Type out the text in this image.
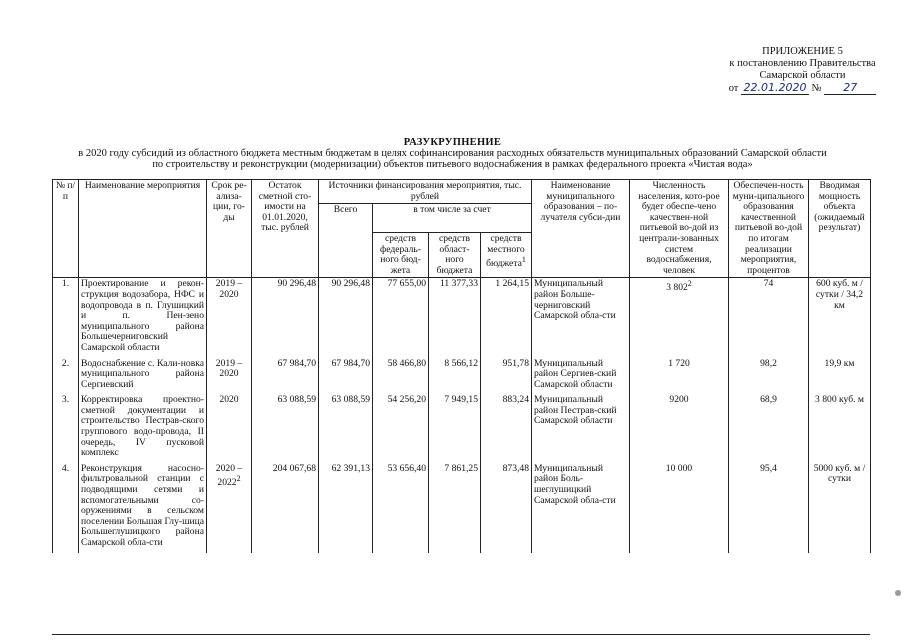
ПРИЛОЖЕНИЕ 5
к постановлению Правительства
Самарской области
от 22.01.2020 № 27
РАЗУКРУПНЕНИЕ
в 2020 году субсидий из областного бюджета местным бюджетам в целях софинансирования расходных обязательств муниципальных образований Самарской области
по строительству и реконструкции (модернизации) объектов питьевого водоснабжения в рамках федерального проекта «Чистая вода»
№ п/п	Наименование мероприятия	Срок ре-ализа-ции, го-ды	Остаток сметной сто-имости на 01.01.2020, тыс. рублей	Источники финансирования мероприятия, тыс. рублей				Наименование муниципального образования – по-лучателя субси-дии	Численность населения, кото-рое будет обеспе-чено качествен-ной питьевой во-дой из централи-зованных систем водоснабжения, человек	Обеспечен-ность муни-ципального образования качественной питьевой во-дой по итогам реализации мероприятия, процентов	Вводимая мощность объекта (ожидаемый результат)
				Всего	в том числе за счет						
					средств федераль-ного бюд-жета	средств област-ного бюджета	средств местного бюджета$^1$
1.	Проектирование и рекон-струкция водозабора, НФС и водопровода в п. Глушицкий и п. Пен-зено муниципального района Большечерниговский Самарской области	2019 – 2020	90 296,48	90 296,48	77 655,00	11 377,33	1 264,15	Муниципальный район Больше-черниговский Самарской обла-сти	3 $802^2$	74	600 куб. м / сутки / 34,2 км

2.	Водоснабжение с. Кали-новка муниципального района Сергиевский	2019 – 2020	67 984,70	67 984,70	58 466,80	8 566,12	951,78	Муниципальный район Сергиев-ский Самарской области	1 720	98,2	19,9 км

3.	Корректировка проектно-сметной документации и строительство Пестрав-ского группового водо-провода, II очередь, IV пусковой комплекс	2020	63 088,59	63 088,59	54 256,20	7 949,15	883,24	Муниципальный район Пестрав-ский Самарской области	9200	68,9	3 800 куб. м

4.	Реконструкция насосно-фильтровальной станции с подводящими сетями и вспомогательными со-оружениями в сельском поселении Большая Глу-шица Большеглушицкого района Самарской обла-сти	2020 – 2022$^2$	204 067,68	62 391,13	53 656,40	7 861,25	873,48	Муниципальный район Боль-шеглушицкий Самарской обла-сти	10 000	95,4	5000 куб. м / сутки
